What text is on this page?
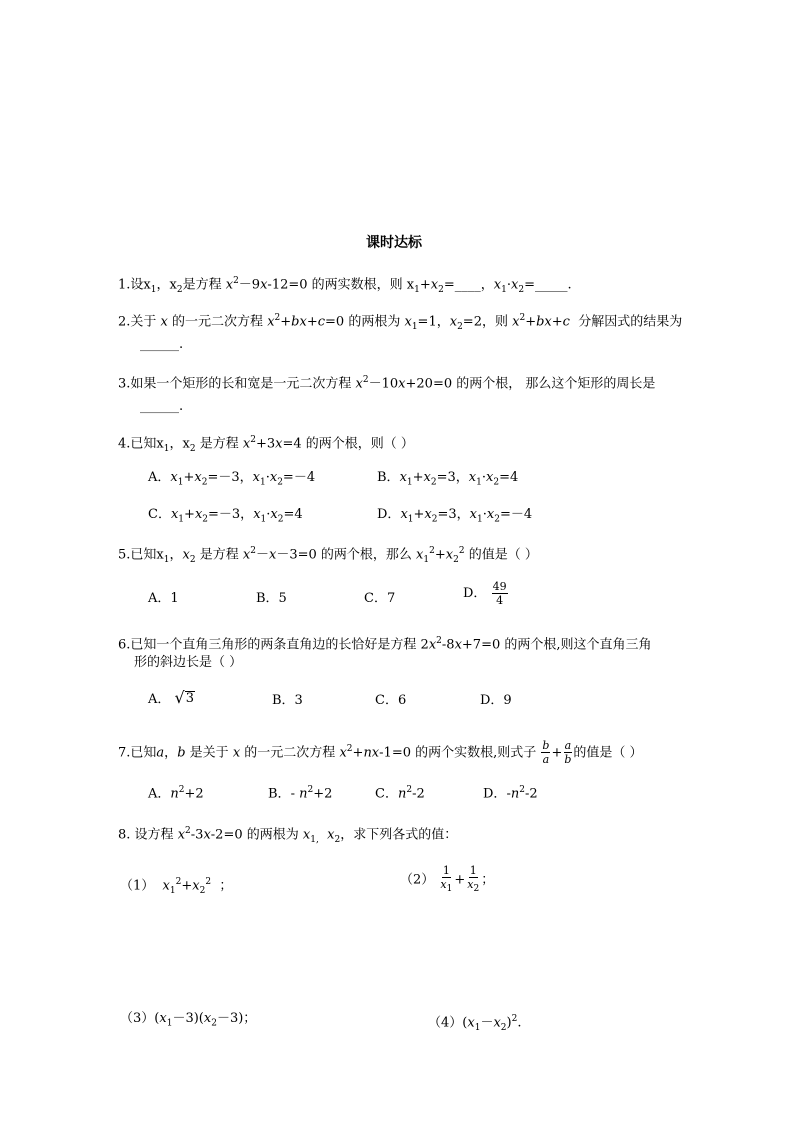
课时达标
1.设$x_1$，$x_2$是方程 $x^2-9x-12=0$ 的两实数根，则 $x_1+x_2=\_\_\_\_$，$x_1\cdot x_2=\_\_\_\_\_$.
2.关于 x 的一元二次方程 $x^2+bx+c=0$ 的两根为 $x_1=1$，$x_2=2$，则 $x^2+bx+c$ 分解因式的结果为
______.
3.如果一个矩形的长和宽是一元二次方程 $x^2-10x+20=0$ 的两个根， 那么这个矩形的周长是
______.
4.已知$x_1$，$x_2$ 是方程 $x^2+3x=4$ 的两个根，则（ ）
A．$x_1+x_2=-3$，$x_1\cdot x_2=-4$	B．$x_1+x_2=3$，$x_1\cdot x_2=4$
C．$x_1+x_2=-3$，$x_1\cdot x_2=4$	D．$x_1+x_2=3$，$x_1\cdot x_2=-4$
5.已知$x_1$，$x_2$ 是方程 $x^2-x-3=0$ 的两个根，那么 $x_1^2+x_2^2$ 的值是（ ）
A．1	B．5	C．7	D． $\frac{49}{4}$
6.已知一个直角三角形的两条直角边的长恰好是方程 $2x^2-8x+7=0$ 的两个根,则这个直角三角
形的斜边长是（ ）
A． √ 3	B．3	C．6	D．9
7.已知a，b 是关于 x 的一元二次方程 $x^2+nx-1=0$ 的两个实数根,则式子 $\frac{b}{a} + \frac{a}{b}$ 的值是（ ）
A．$n^2+2$	B．- $n^2+2$	C．$n^2-2$	D．$-n^2-2$
8. 设方程 $x^2-3x-2=0$ 的两根为 $x_{1,}$ $x_2$，求下列各式的值：
（1） $x_1^2+x_2^2$  ；	$(2) \frac{1}{x_1} + \frac{1}{x_2}$ ；
$(3)(x_1-3)(x_2-3)$；	$(4)(x_1-x_2)^2$.
